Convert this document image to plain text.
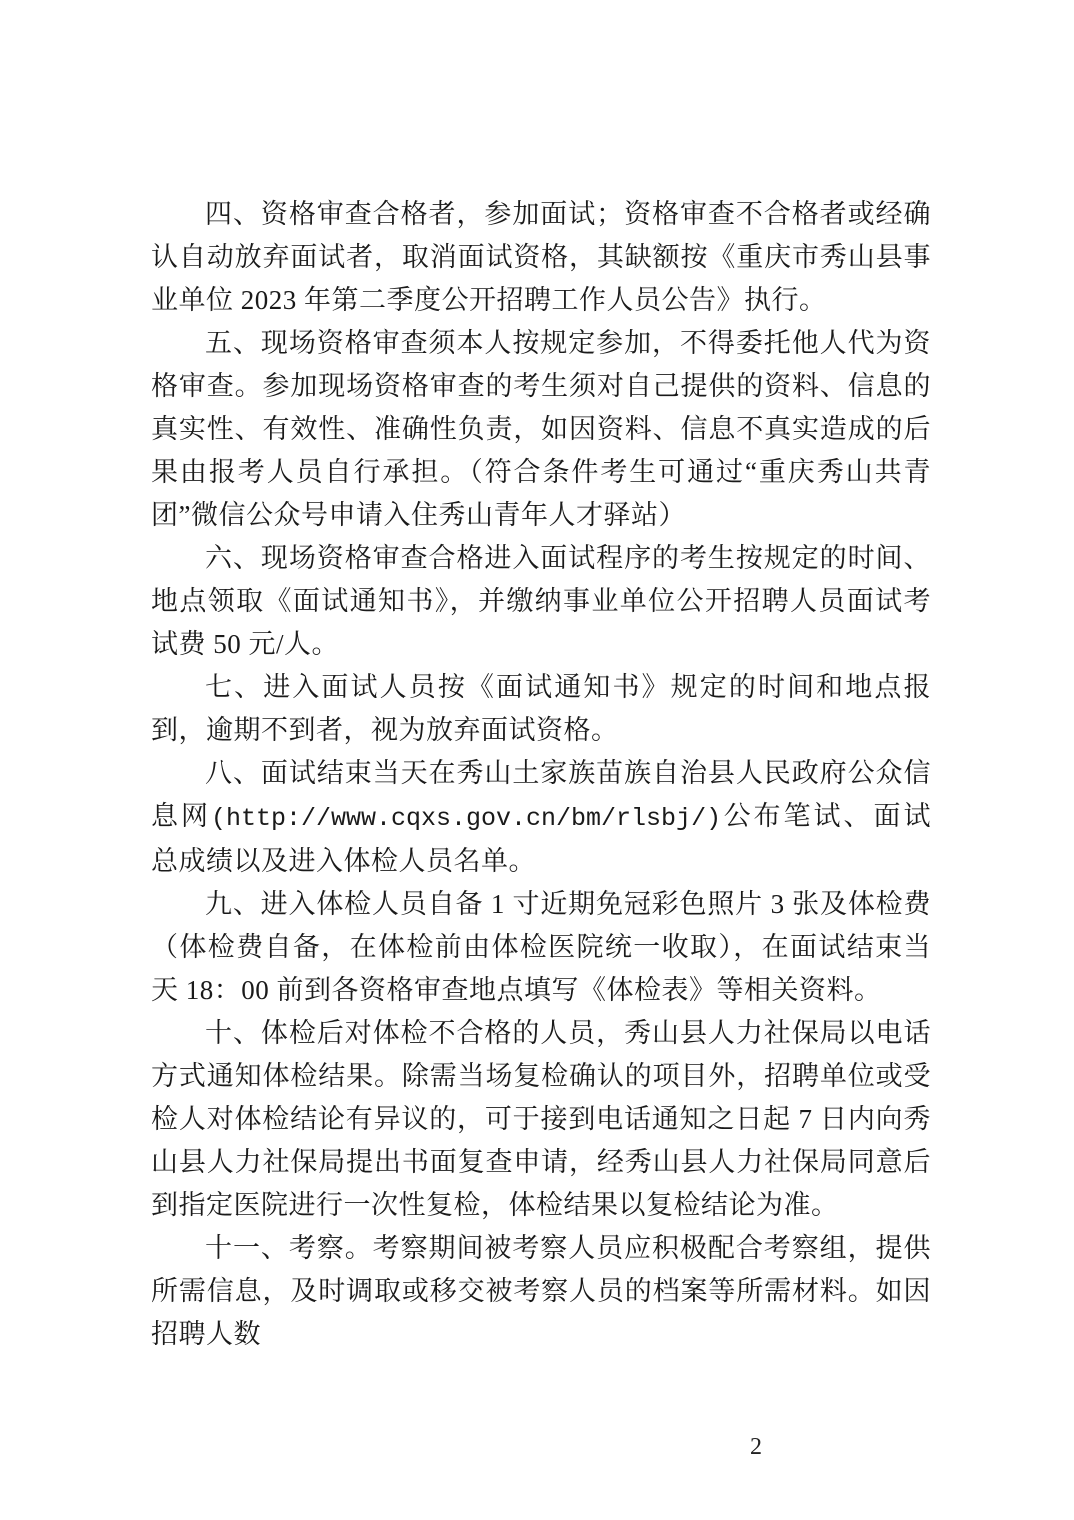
四、资格审查合格者，参加面试；资格审查不合格者或经确认自动放弃面试者，取消面试资格，其缺额按《重庆市秀山县事业单位 2023 年第二季度公开招聘工作人员公告》执行。

五、现场资格审查须本人按规定参加，不得委托他人代为资格审查。参加现场资格审查的考生须对自己提供的资料、信息的真实性、有效性、准确性负责，如因资料、信息不真实造成的后果由报考人员自行承担。（符合条件考生可通过“重庆秀山共青团”微信公众号申请入住秀山青年人才驿站）

六、现场资格审查合格进入面试程序的考生按规定的时间、地点领取《面试通知书》，并缴纳事业单位公开招聘人员面试考试费 50 元/人。

七、进入面试人员按《面试通知书》规定的时间和地点报到，逾期不到者，视为放弃面试资格。

八、面试结束当天在秀山土家族苗族自治县人民政府公众信息网(http://www.cqxs.gov.cn/bm/rlsbj/)公布笔试、面试总成绩以及进入体检人员名单。

九、进入体检人员自备 1 寸近期免冠彩色照片 3 张及体检费（体检费自备，在体检前由体检医院统一收取），在面试结束当天 18：00 前到各资格审查地点填写《体检表》等相关资料。

十、体检后对体检不合格的人员，秀山县人力社保局以电话方式通知体检结果。除需当场复检确认的项目外，招聘单位或受检人对体检结论有异议的，可于接到电话通知之日起 7 日内向秀山县人力社保局提出书面复查申请，经秀山县人力社保局同意后到指定医院进行一次性复检，体检结果以复检结论为准。

十一、考察。考察期间被考察人员应积极配合考察组，提供所需信息，及时调取或移交被考察人员的档案等所需材料。如因招聘人数

2
